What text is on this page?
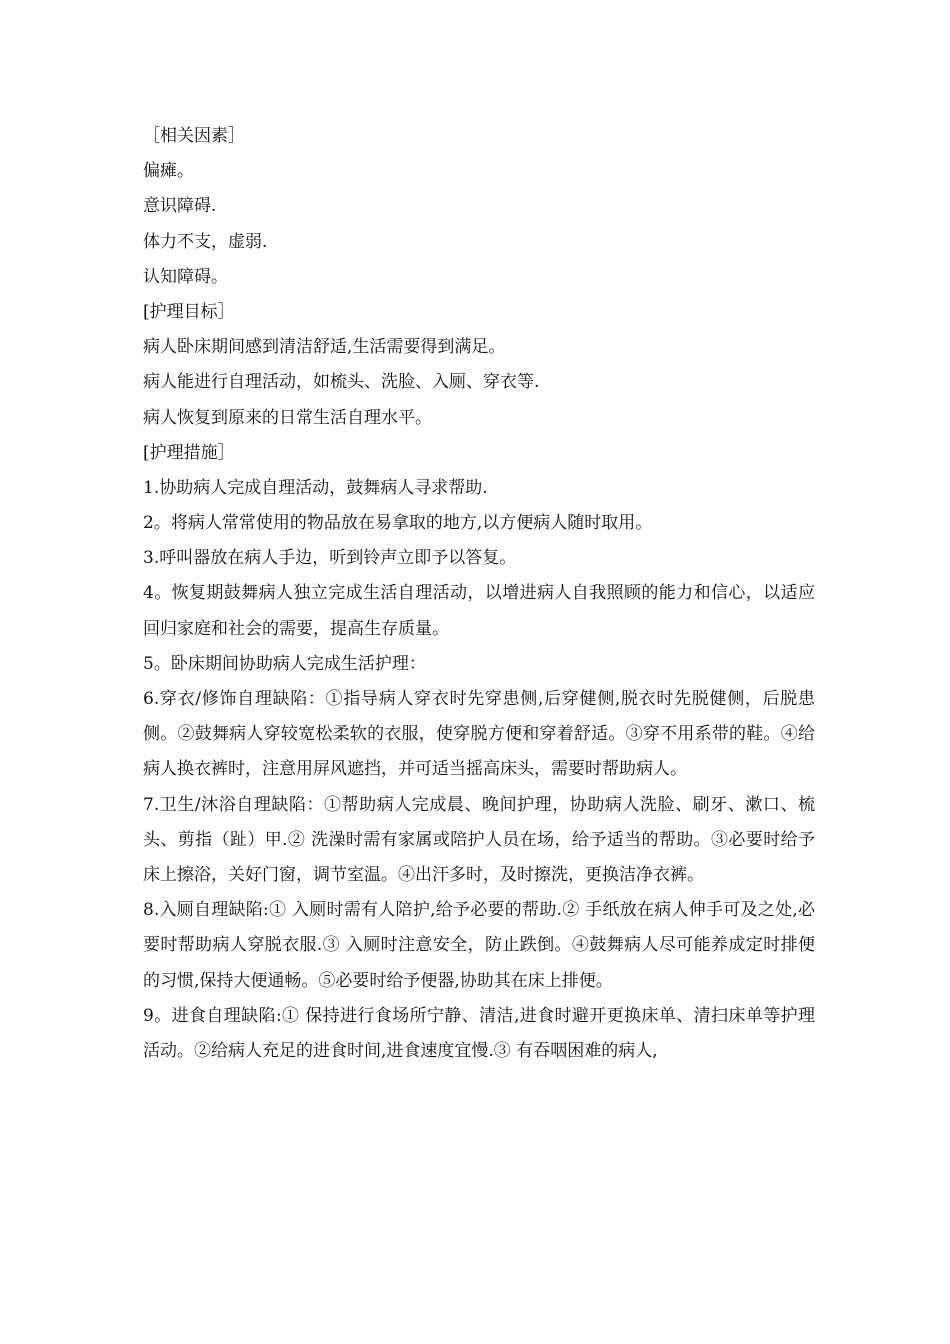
［相关因素］
偏瘫。
意识障碍.
体力不支，虚弱.
认知障碍。
[护理目标］
病人卧床期间感到清洁舒适,生活需要得到满足。
病人能进行自理活动，如梳头、洗脸、入厕、穿衣等.
病人恢复到原来的日常生活自理水平。
[护理措施］
1.协助病人完成自理活动，鼓舞病人寻求帮助.
2。将病人常常使用的物品放在易拿取的地方,以方便病人随时取用。
3.呼叫器放在病人手边，听到铃声立即予以答复。
4。恢复期鼓舞病人独立完成生活自理活动，以增进病人自我照顾的能力和信心，以适应回归家庭和社会的需要，提高生存质量。
5。卧床期间协助病人完成生活护理：
6.穿衣/修饰自理缺陷：①指导病人穿衣时先穿患侧,后穿健侧,脱衣时先脱健侧，后脱患侧。②鼓舞病人穿较宽松柔软的衣服，使穿脱方便和穿着舒适。③穿不用系带的鞋。④给病人换衣裤时，注意用屏风遮挡，并可适当摇高床头，需要时帮助病人。
7.卫生/沐浴自理缺陷：①帮助病人完成晨、晚间护理，协助病人洗脸、刷牙、漱口、梳头、剪指（趾）甲.② 洗澡时需有家属或陪护人员在场，给予适当的帮助。③必要时给予床上擦浴，关好门窗，调节室温。④出汗多时，及时擦洗，更换洁净衣裤。
8.入厕自理缺陷:① 入厕时需有人陪护,给予必要的帮助.② 手纸放在病人伸手可及之处,必要时帮助病人穿脱衣服.③ 入厕时注意安全，防止跌倒。④鼓舞病人尽可能养成定时排便的习惯,保持大便通畅。⑤必要时给予便器,协助其在床上排便。
9。进食自理缺陷:① 保持进行食场所宁静、清洁,进食时避开更换床单、清扫床单等护理活动。②给病人充足的进食时间,进食速度宜慢.③ 有吞咽困难的病人,
